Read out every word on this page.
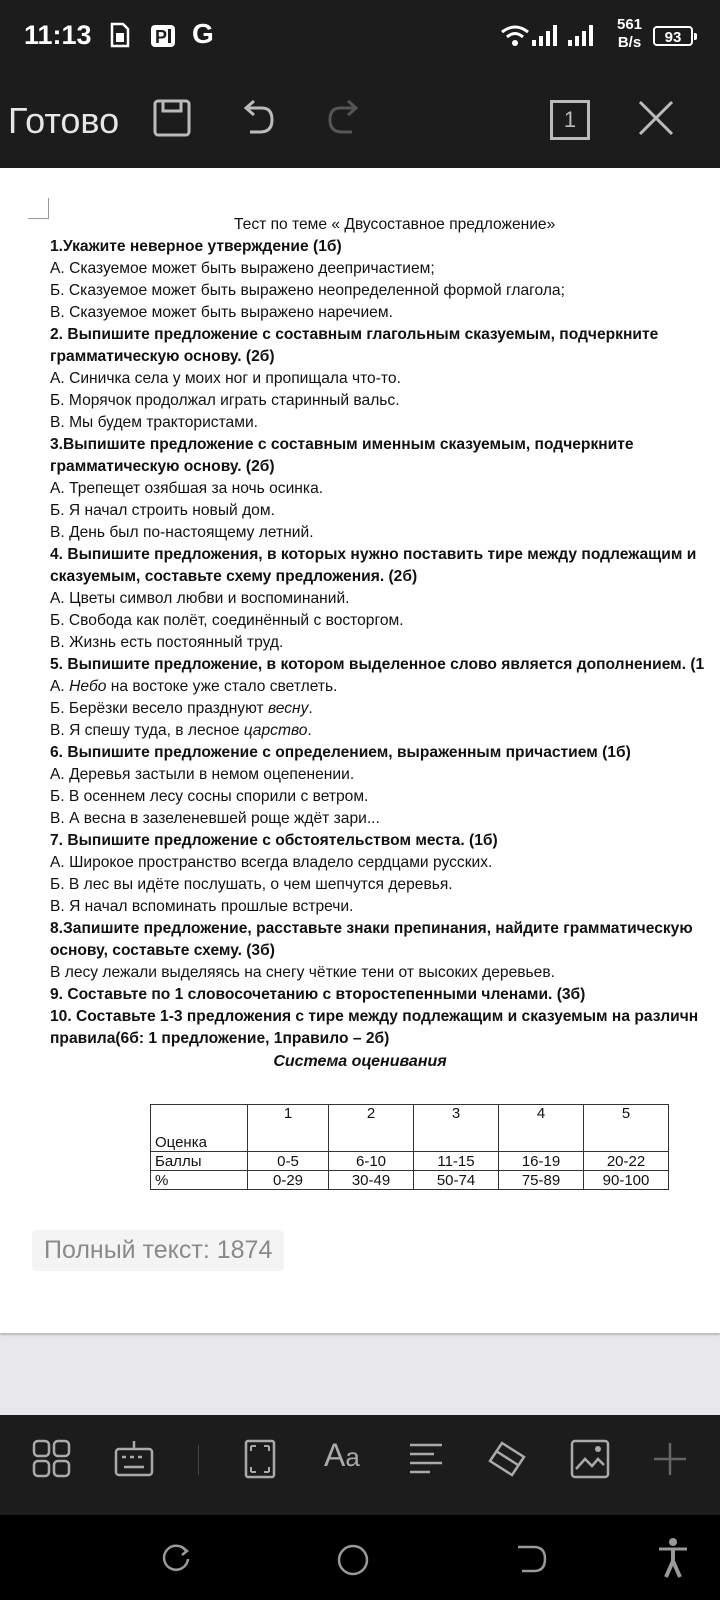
11:13	P G	561
B/s	93
Готово	1
Тест по теме « Двусоставное предложение»
1.Укажите неверное утверждение (1б)
А. Сказуемое может быть выражено деепричастием;
Б. Сказуемое может быть выражено неопределенной формой глагола;
В. Сказуемое может быть выражено наречием.
2. Выпишите предложение с составным глагольным сказуемым, подчеркните
грамматическую основу. (2б)
А. Синичка села у моих ног и пропищала что-то.
Б. Морячок продолжал играть старинный вальс.
В. Мы будем трактористами.
3.Выпишите предложение с составным именным сказуемым, подчеркните
грамматическую основу. (2б)
А. Трепещет озябшая за ночь осинка.
Б. Я начал строить новый дом.
В. День был по-настоящему летний.
4. Выпишите предложения, в которых нужно поставить тире между подлежащим и
сказуемым, составьте схему предложения. (2б)
А. Цветы символ любви и воспоминаний.
Б. Свобода как полёт, соединённый с восторгом.
В. Жизнь есть постоянный труд.
5. Выпишите предложение, в котором выделенное слово является дополнением. (1
А. Небо на востоке уже стало светлеть.
Б. Берёзки весело празднуют весну.
В. Я спешу туда, в лесное царство.
6. Выпишите предложение с определением, выраженным причастием (1б)
А. Деревья застыли в немом оцепенении.
Б. В осеннем лесу сосны спорили с ветром.
В. А весна в зазеленевшей роще ждёт зари...
7. Выпишите предложение с обстоятельством места. (1б)
А. Широкое пространство всегда владело сердцами русских.
Б. В лес вы идёте послушать, о чем шепчутся деревья.
В. Я начал вспоминать прошлые встречи.
8.Запишите предложение, расставьте знаки препинания, найдите грамматическую
основу, составьте схему. (3б)
В лесу лежали выделяясь на снегу чёткие тени от высоких деревьев.
9. Составьте по 1 словосочетанию с второстепенными членами. (3б)
10. Составьте 1-3 предложения с тире между подлежащим и сказуемым на различн
правила(6б: 1 предложение, 1правило – 2б)
Система оценивания
Оценка	1	2	3	4	5
Баллы	0-5	6-10	11-15	16-19	20-22
%	0-29	30-49	50-74	75-89	90-100
Полный текст: 1874
Aa
